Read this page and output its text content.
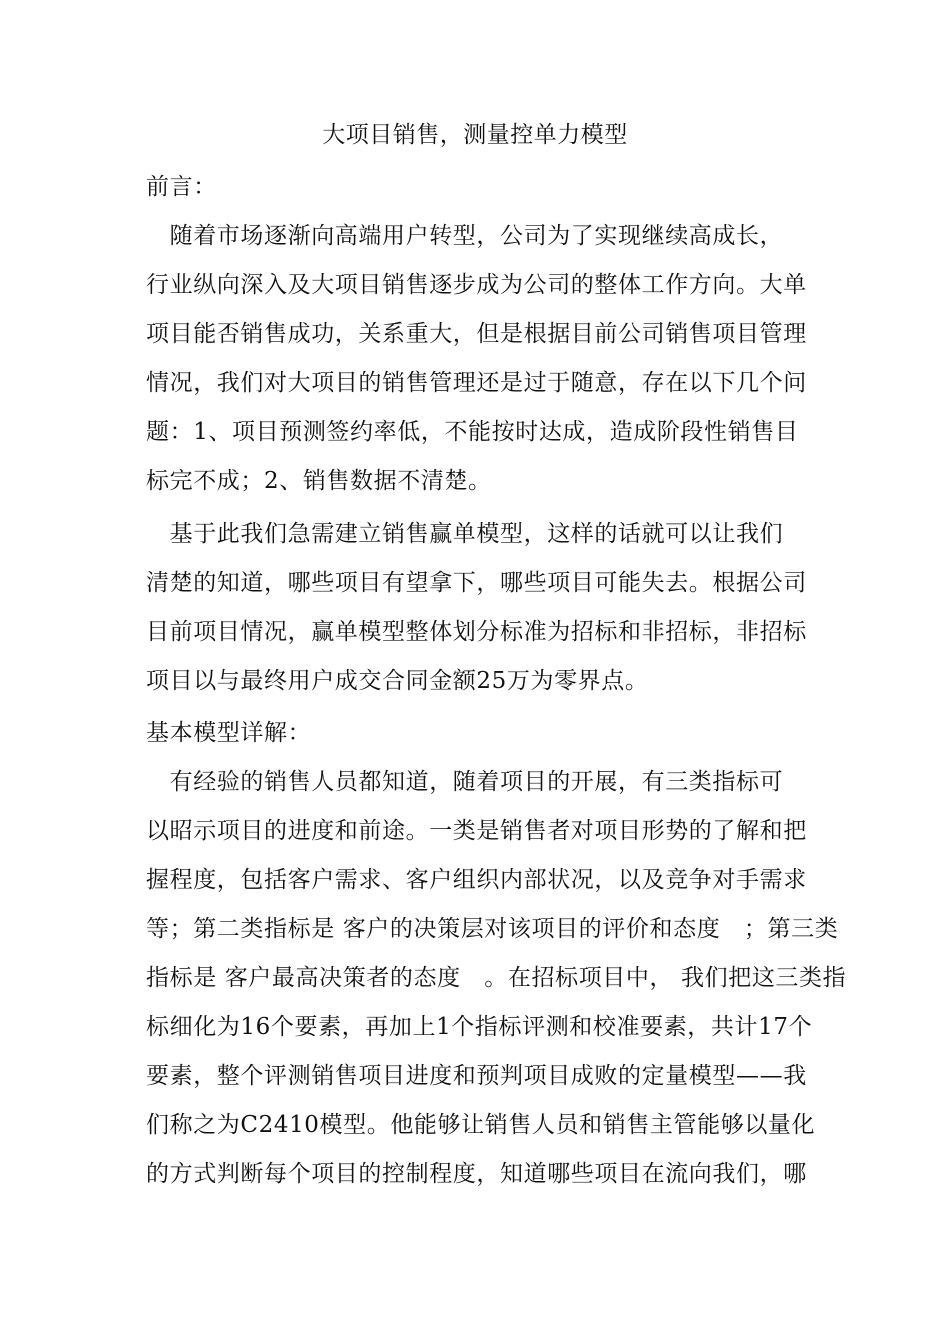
大项目销售，测量控单力模型
前言：
　随着市场逐渐向高端用户转型，公司为了实现继续高成长，
行业纵向深入及大项目销售逐步成为公司的整体工作方向。大单
项目能否销售成功，关系重大，但是根据目前公司销售项目管理
情况，我们对大项目的销售管理还是过于随意，存在以下几个问
题：1、项目预测签约率低，不能按时达成，造成阶段性销售目
标完不成；2、销售数据不清楚。
　基于此我们急需建立销售赢单模型，这样的话就可以让我们
清楚的知道，哪些项目有望拿下，哪些项目可能失去。根据公司
目前项目情况，赢单模型整体划分标准为招标和非招标，非招标
项目以与最终用户成交合同金额25万为零界点。
基本模型详解：
　有经验的销售人员都知道，随着项目的开展，有三类指标可
以昭示项目的进度和前途。一类是销售者对项目形势的了解和把
握程度，包括客户需求、客户组织内部状况，以及竞争对手需求
等；第二类指标是 客户的决策层对该项目的评价和态度　；第三类
指标是 客户最高决策者的态度　。在招标项目中， 我们把这三类指
标细化为16个要素，再加上1个指标评测和校准要素，共计17个
要素，整个评测销售项目进度和预判项目成败的定量模型——我
们称之为C2410模型。他能够让销售人员和销售主管能够以量化
的方式判断每个项目的控制程度，知道哪些项目在流向我们，哪
